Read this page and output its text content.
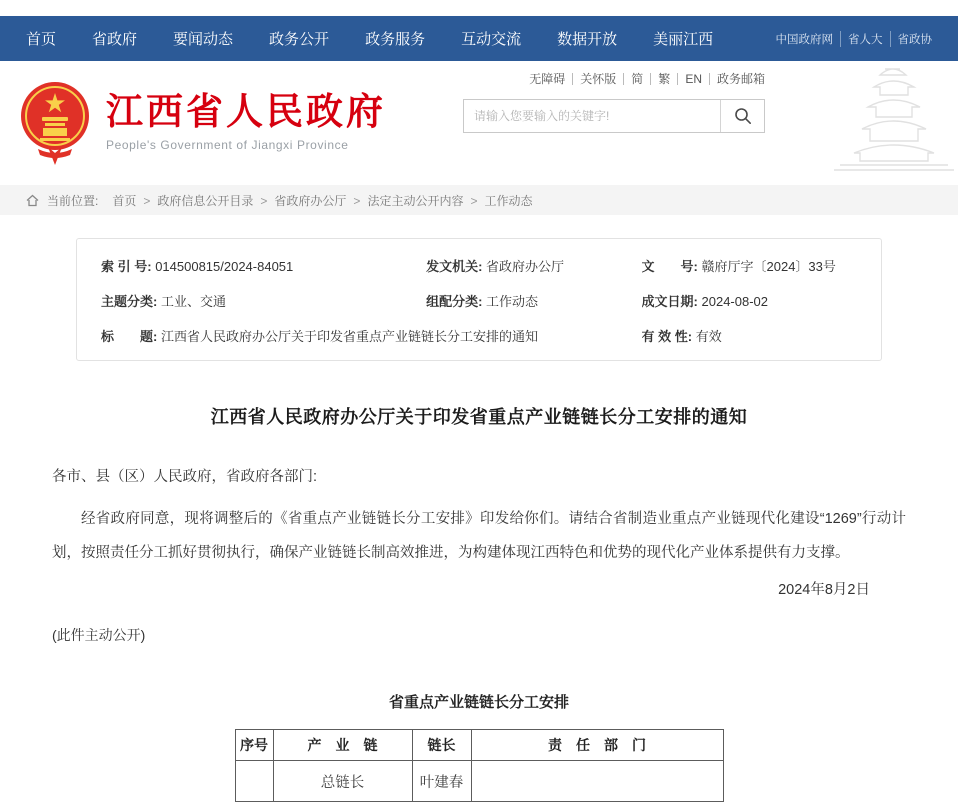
首页 省政府 要闻动态 政务公开 政务服务 互动交流 数据开放 美丽江西	中国政府网	省人大	省政协
江西省人民政府
People's Government of Jiangxi Province
无障碍	关怀版	简	繁	EN	政务邮箱
请输入您要输入的关键字!
当前位置: 首页 >	政府信息公开目录 >	省政府办公厅 >	法定主动公开内容 >	工作动态
索 引 号: 014500815/2024-84051	发文机关: 省政府办公厅	文　　号: 赣府厅字〔2024〕33号
主题分类: 工业、交通	组配分类: 工作动态	成文日期: 2024-08-02
标　　题: 江西省人民政府办公厅关于印发省重点产业链链长分工安排的通知	有 效 性: 有效
江西省人民政府办公厅关于印发省重点产业链链长分工安排的通知
各市、县（区）人民政府，省政府各部门:
经省政府同意，现将调整后的《省重点产业链链长分工安排》印发给你们。请结合省制造业重点产业链现代化建设“1269”行动计划，按照责任分工抓好贯彻执行，确保产业链链长制高效推进，为构建体现江西特色和优势的现代化产业体系提供有力支撑。
2024年8月2日
(此件主动公开)
省重点产业链链长分工安排
序号	产　业　链	链长	责　任　部　门
	总链长	叶建春	
